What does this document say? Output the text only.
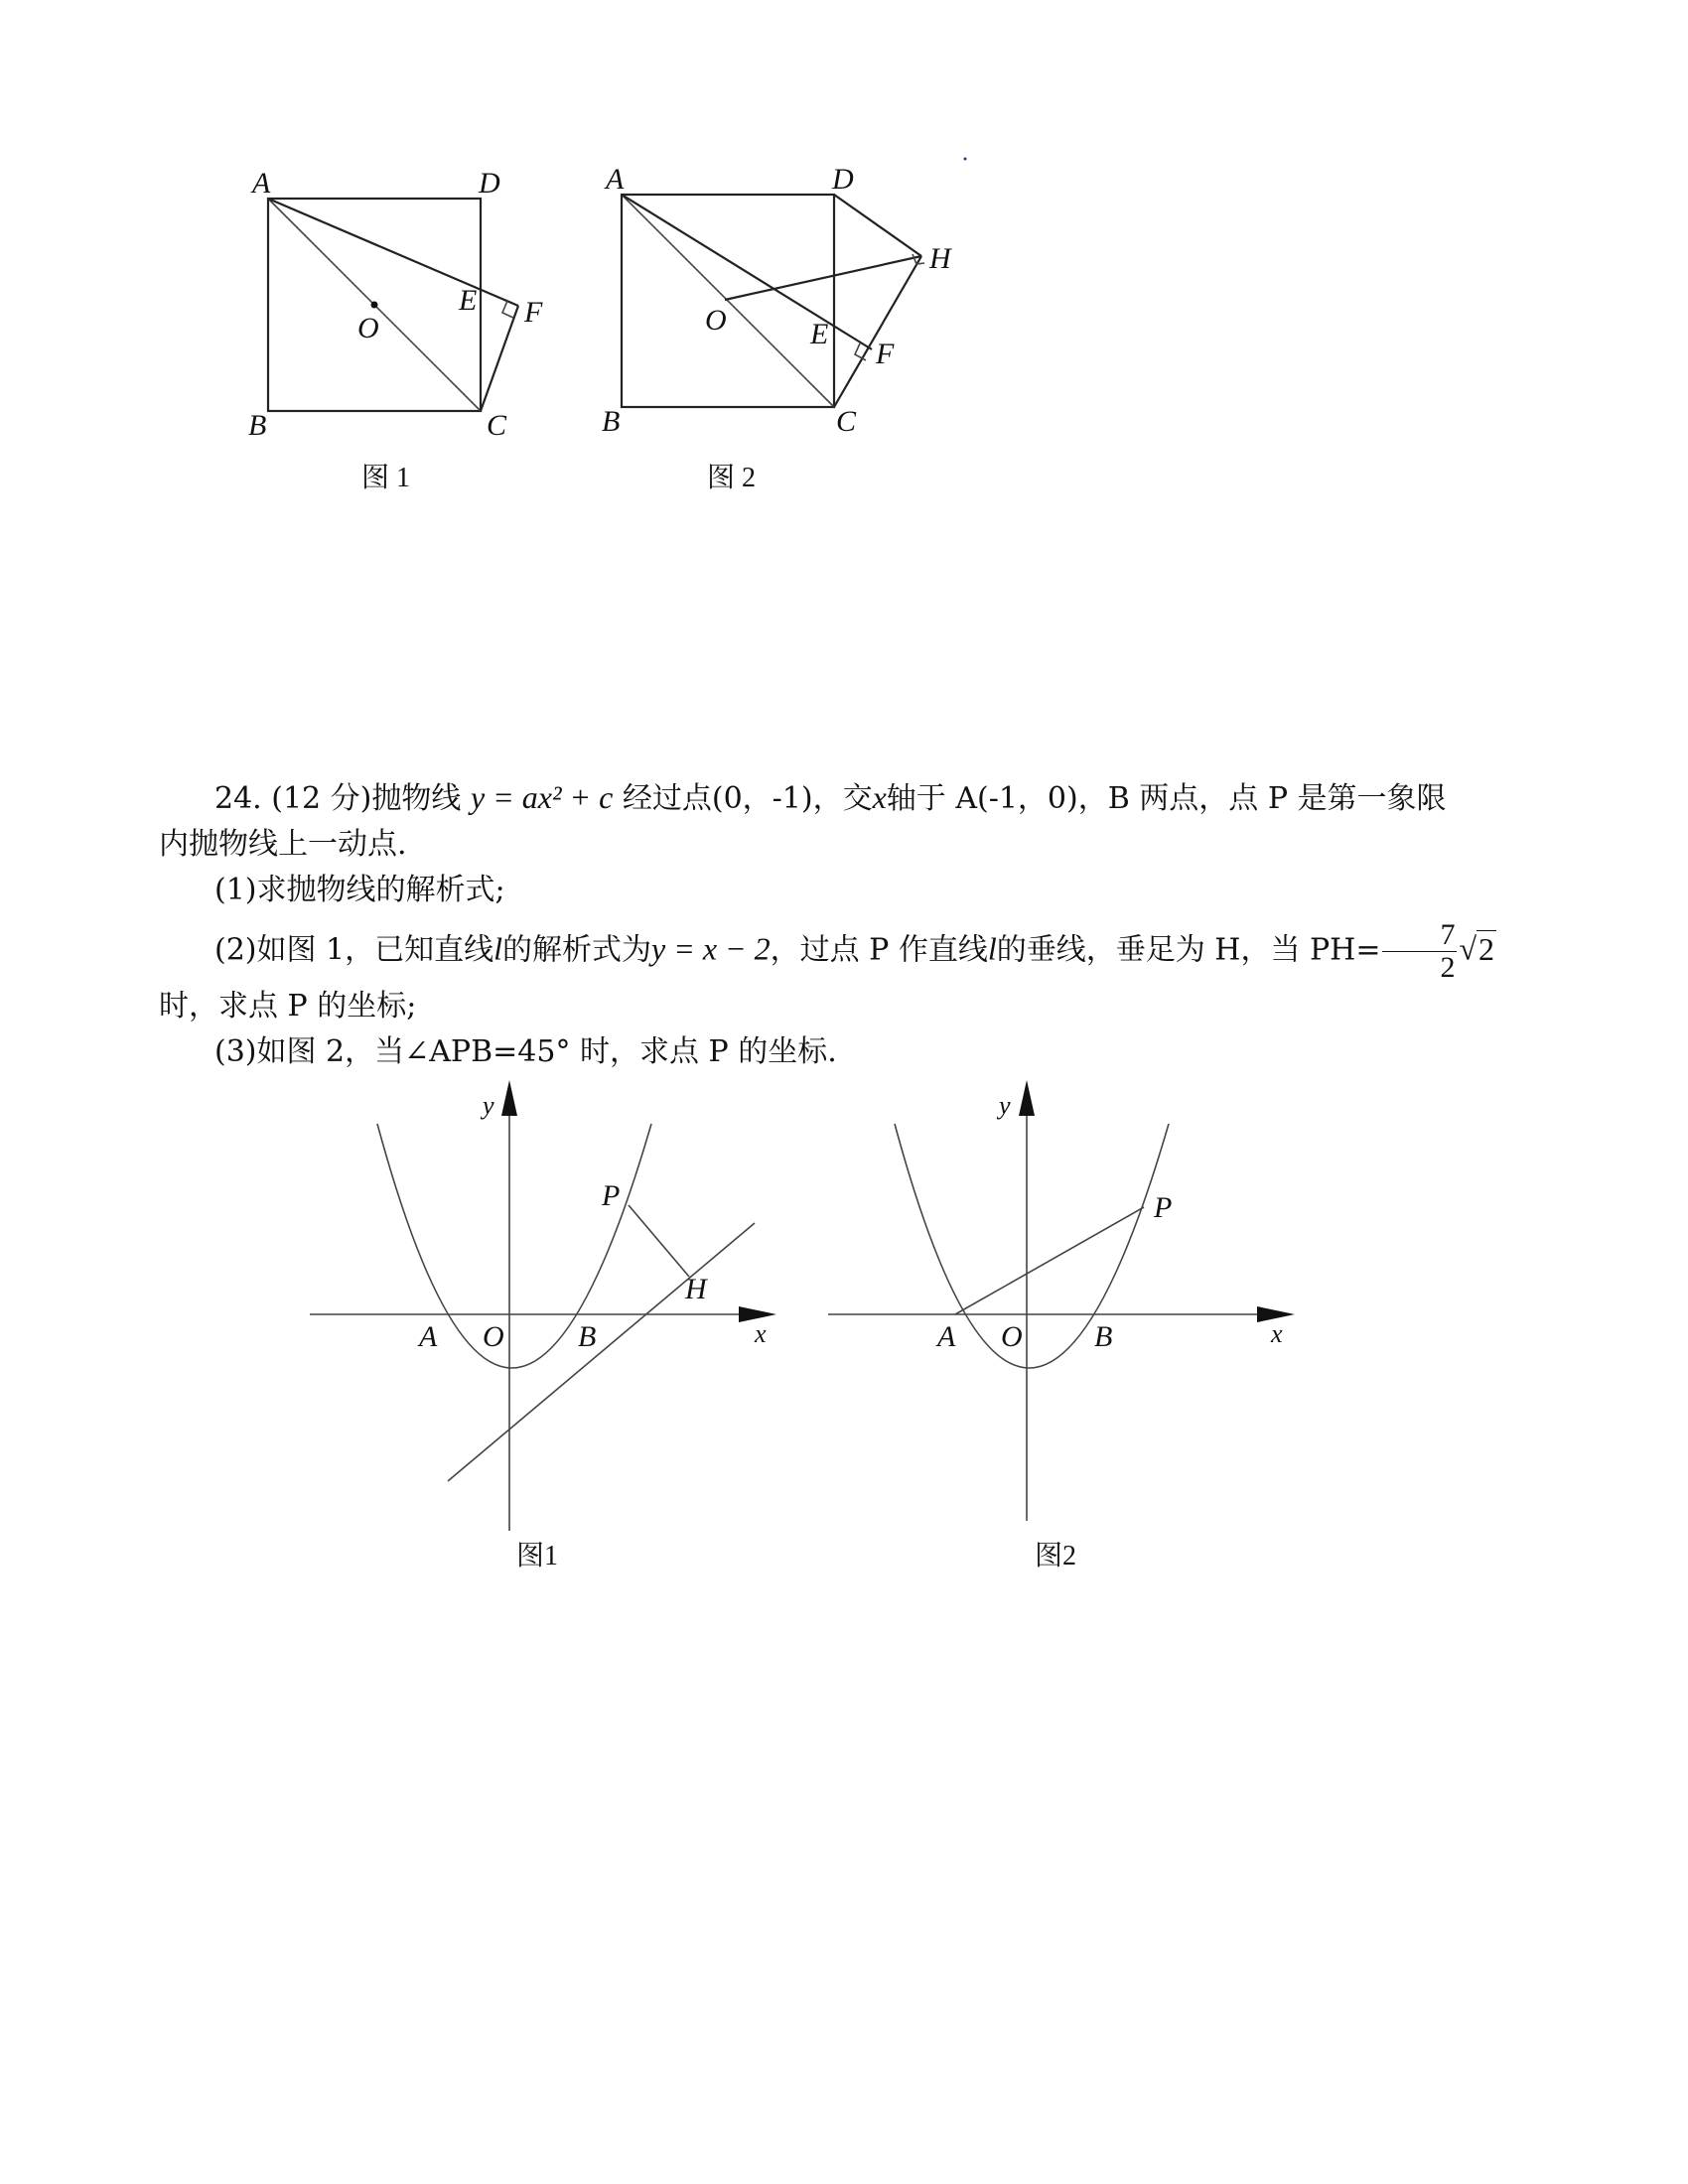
A	D
B	C
E F
O
图 1
A	D
B	C
E
F
H
O
图 2

24. (12 分)抛物线 y = ax² + c 经过点(0，-1)，交x轴于 A(-1，0)，B 两点，点 P 是第一象限

内抛物线上一动点.

(1)求抛物线的解析式;

(2)如图 1，已知直线l的解析式为y = x − 2，过点 P 作直线l的垂线，垂足为 H，当 $PH= \frac{7}{2} √2$

时，求点 P 的坐标;

(3)如图 2，当∠APB=45° 时，求点 P 的坐标.

y
x
A O B
P
H
图1
y
x
A O B
P
图2
